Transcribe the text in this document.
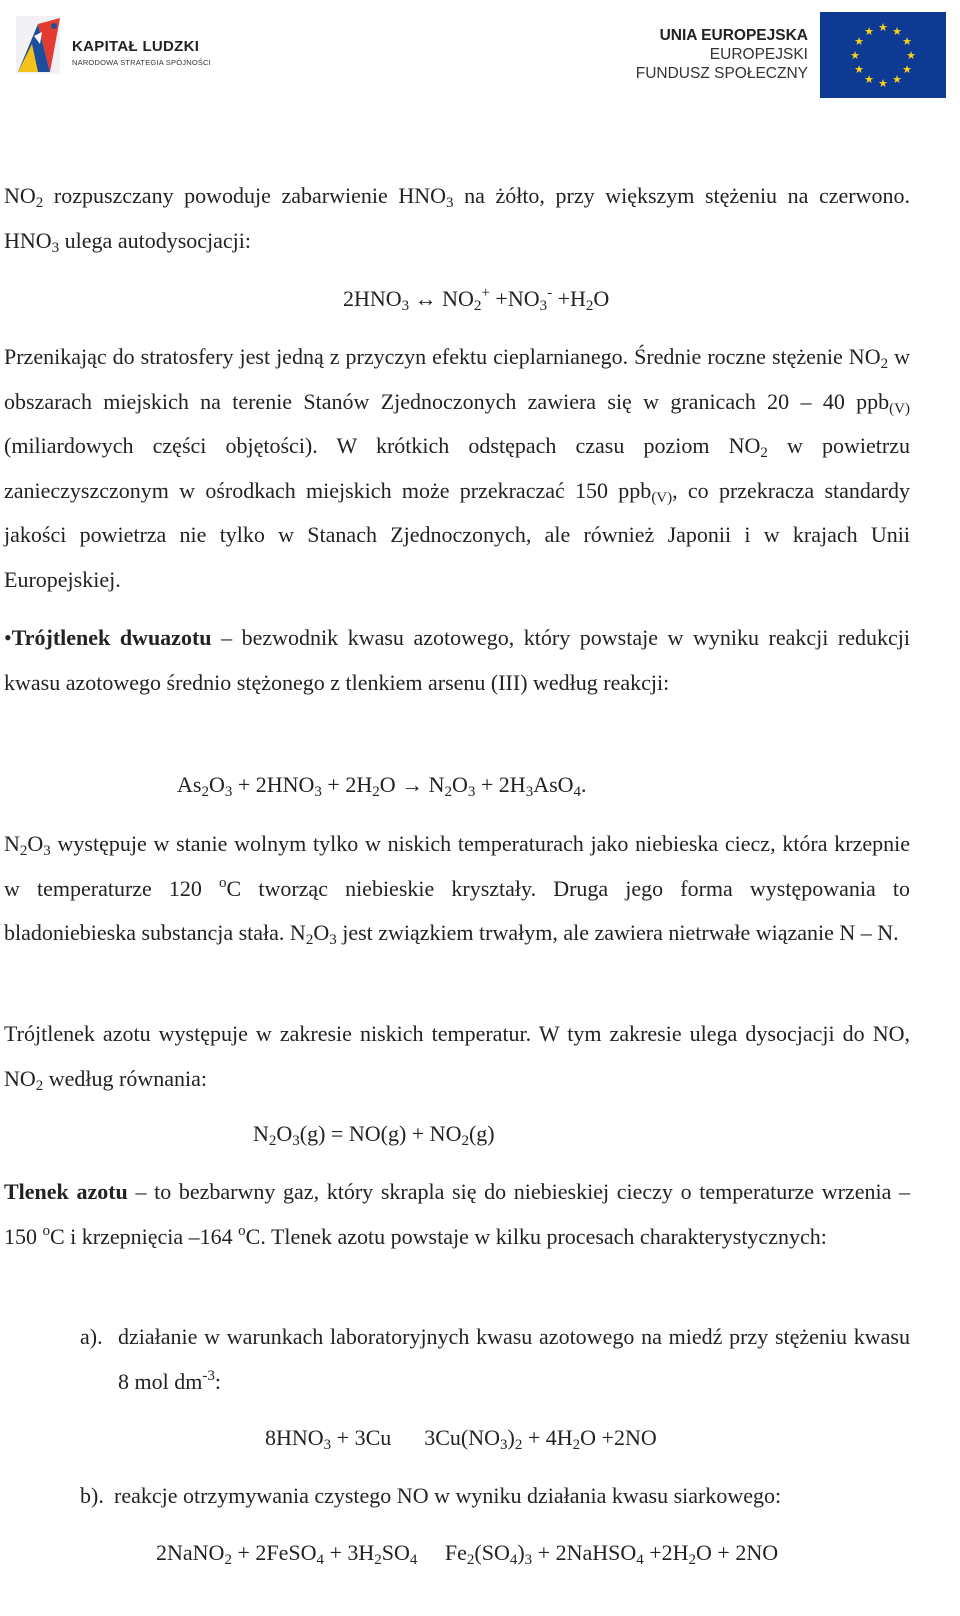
KAPITAŁ LUDZKI
NARODOWA STRATEGIA SPÓJNOŚCI
UNIA EUROPEJSKA
EUROPEJSKI
FUNDUSZ SPOŁECZNY
★ ★
★
★
★
★
★
★
★
★
★
★

$NO_2$ rozpuszczany powoduje zabarwienie $HNO_3$ na żółto, przy większym stężeniu na czerwono. $HNO_3$ ulega autodysocjacji:

$2HNO_3$ ↔ $NO_2^+ +NO_3^- +H_2O$

Przenikając do stratosfery jest jedną z przyczyn efektu cieplarnianego. Średnie roczne stężenie $NO_2$ w obszarach miejskich na terenie Stanów Zjednoczonych zawiera się w granicach 20 – 40 ppb$_{(V)}$ (miliardowych części objętości). W krótkich odstępach czasu poziom $NO_2$ w powietrzu zanieczyszczonym w ośrodkach miejskich może przekraczać 150 ppb$_{(V)}$, co przekracza standardy jakości powietrza nie tylko w Stanach Zjednoczonych, ale również Japonii i w krajach Unii Europejskiej.

•Trójtlenek dwuazotu – bezwodnik kwasu azotowego, który powstaje w wyniku reakcji redukcji kwasu azotowego średnio stężonego z tlenkiem arsenu (III) według reakcji:

$As_2O_3 + 2HNO_3 + 2H_2O \to N_2O_3 + 2H_3AsO_4$.

$N_2O_3$ występuje w stanie wolnym tylko w niskich temperaturach jako niebieska ciecz, która krzepnie w temperaturze 120 $^o$C tworząc niebieskie kryształy. Druga jego forma występowania to bladoniebieska substancja stała. $N_2O_3$ jest związkiem trwałym, ale zawiera nietrwałe wiązanie N – N.

Trójtlenek azotu występuje w zakresie niskich temperatur. W tym zakresie ulega dysocjacji do NO, $NO_2$ według równania:

$N_2O_3(g) = NO(g) + NO_2(g)$

Tlenek azotu – to bezbarwny gaz, który skrapla się do niebieskiej cieczy o temperaturze wrzenia –150 $^o$C i krzepnięcia –164 $^o$C. Tlenek azotu powstaje w kilku procesach charakterystycznych:

a). działanie w warunkach laboratoryjnych kwasu azotowego na miedź przy stężeniu kwasu 8 mol $dm^{-3}$:

$8HNO_3 + 3Cu$      $3Cu(NO_3)_2 + 4H_2O +2NO$
b). reakcje otrzymywania czystego NO w wyniku działania kwasu siarkowego:

2NaNO$_2$ + 2FeSO$_4$ + $3H_2SO_4$     $Fe_2(SO_4)_3$ + 2NaHSO$_4$ $+2H_2O + 2NO$
